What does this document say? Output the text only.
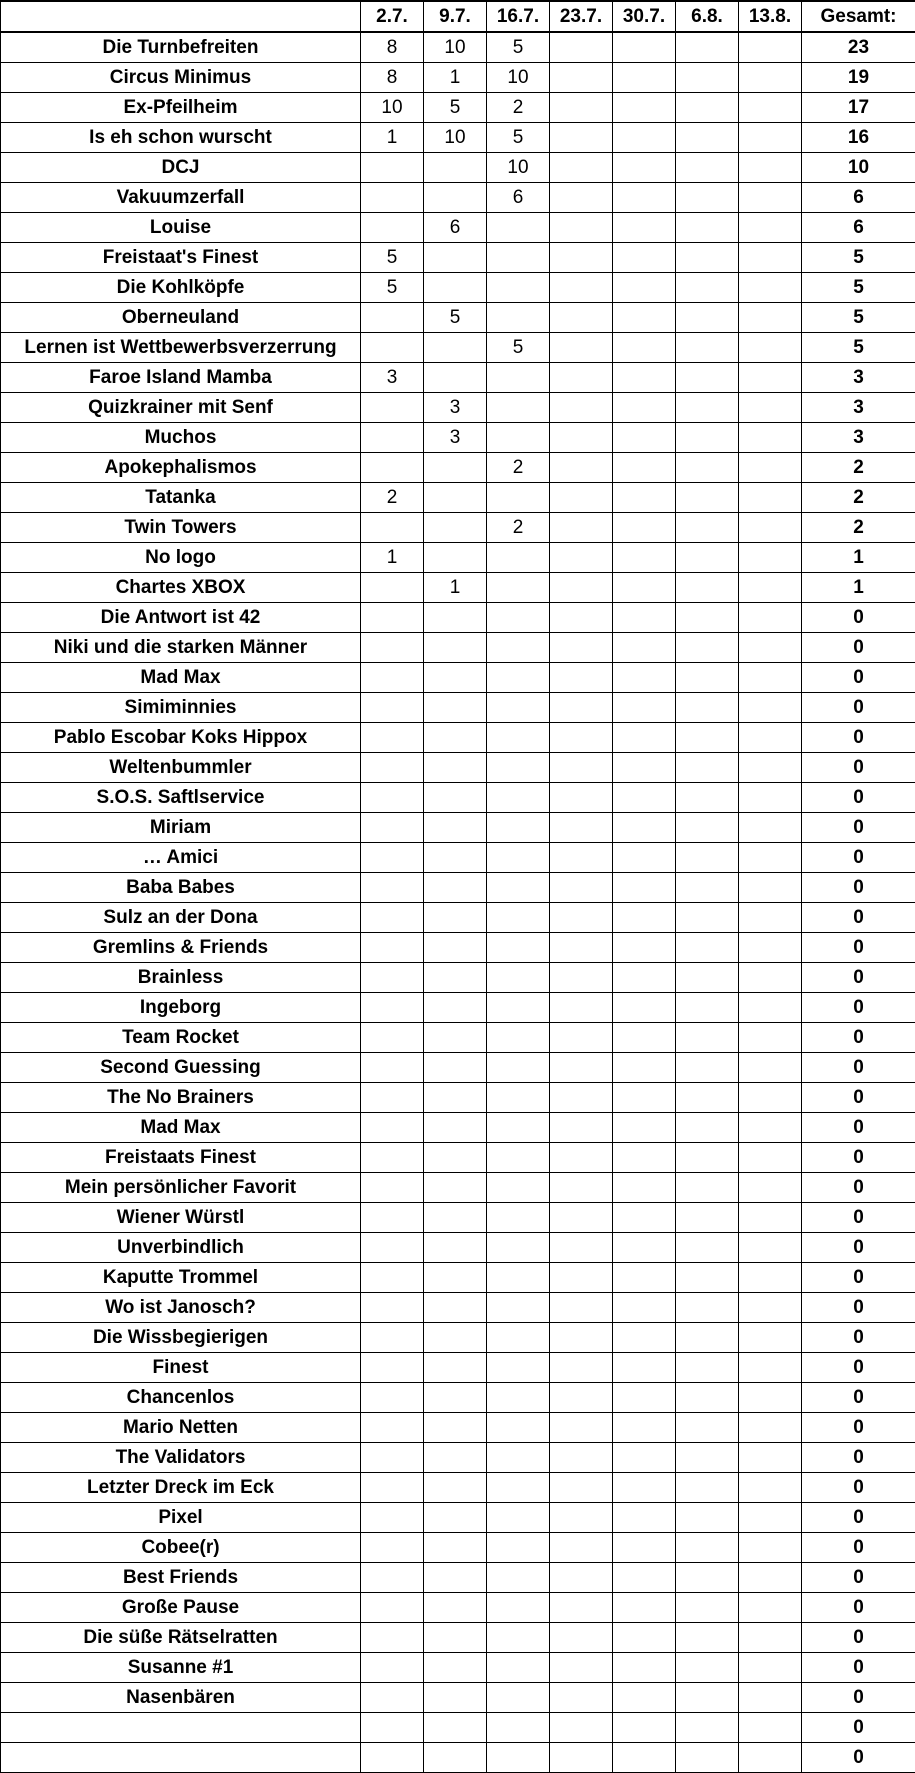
	2.7.	9.7.	16.7.	23.7.	30.7.	6.8.	13.8.	Gesamt:
Die Turnbefreiten	8	10	5					23
Circus Minimus	8	1	10					19
Ex-Pfeilheim	10	5	2					17
Is eh schon wurscht	1	10	5					16
DCJ			10					10
Vakuumzerfall			6					6
Louise		6						6
Freistaat's Finest	5							5
Die Kohlköpfe	5							5
Oberneuland		5						5
Lernen ist Wettbewerbsverzerrung			5					5
Faroe Island Mamba	3							3
Quizkrainer mit Senf		3						3
Muchos		3						3
Apokephalismos			2					2
Tatanka	2							2
Twin Towers			2					2
No logo	1							1
Chartes XBOX		1						1
Die Antwort ist 42								0
Niki und die starken Männer								0
Mad Max								0
Simiminnies								0
Pablo Escobar Koks Hippox								0
Weltenbummler								0
S.O.S. Saftlservice								0
Miriam								0
… Amici								0
Baba Babes								0
Sulz an der Dona								0
Gremlins & Friends								0
Brainless								0
Ingeborg								0
Team Rocket								0
Second Guessing								0
The No Brainers								0
Mad Max								0
Freistaats Finest								0
Mein persönlicher Favorit								0
Wiener Würstl								0
Unverbindlich								0
Kaputte Trommel								0
Wo ist Janosch?								0
Die Wissbegierigen								0
Finest								0
Chancenlos								0
Mario Netten								0
The Validators								0
Letzter Dreck im Eck								0
Pixel								0
Cobee(r)								0
Best Friends								0
Große Pause								0
Die süße Rätselratten								0
Susanne #1								0
Nasenbären								0
								0
								0
